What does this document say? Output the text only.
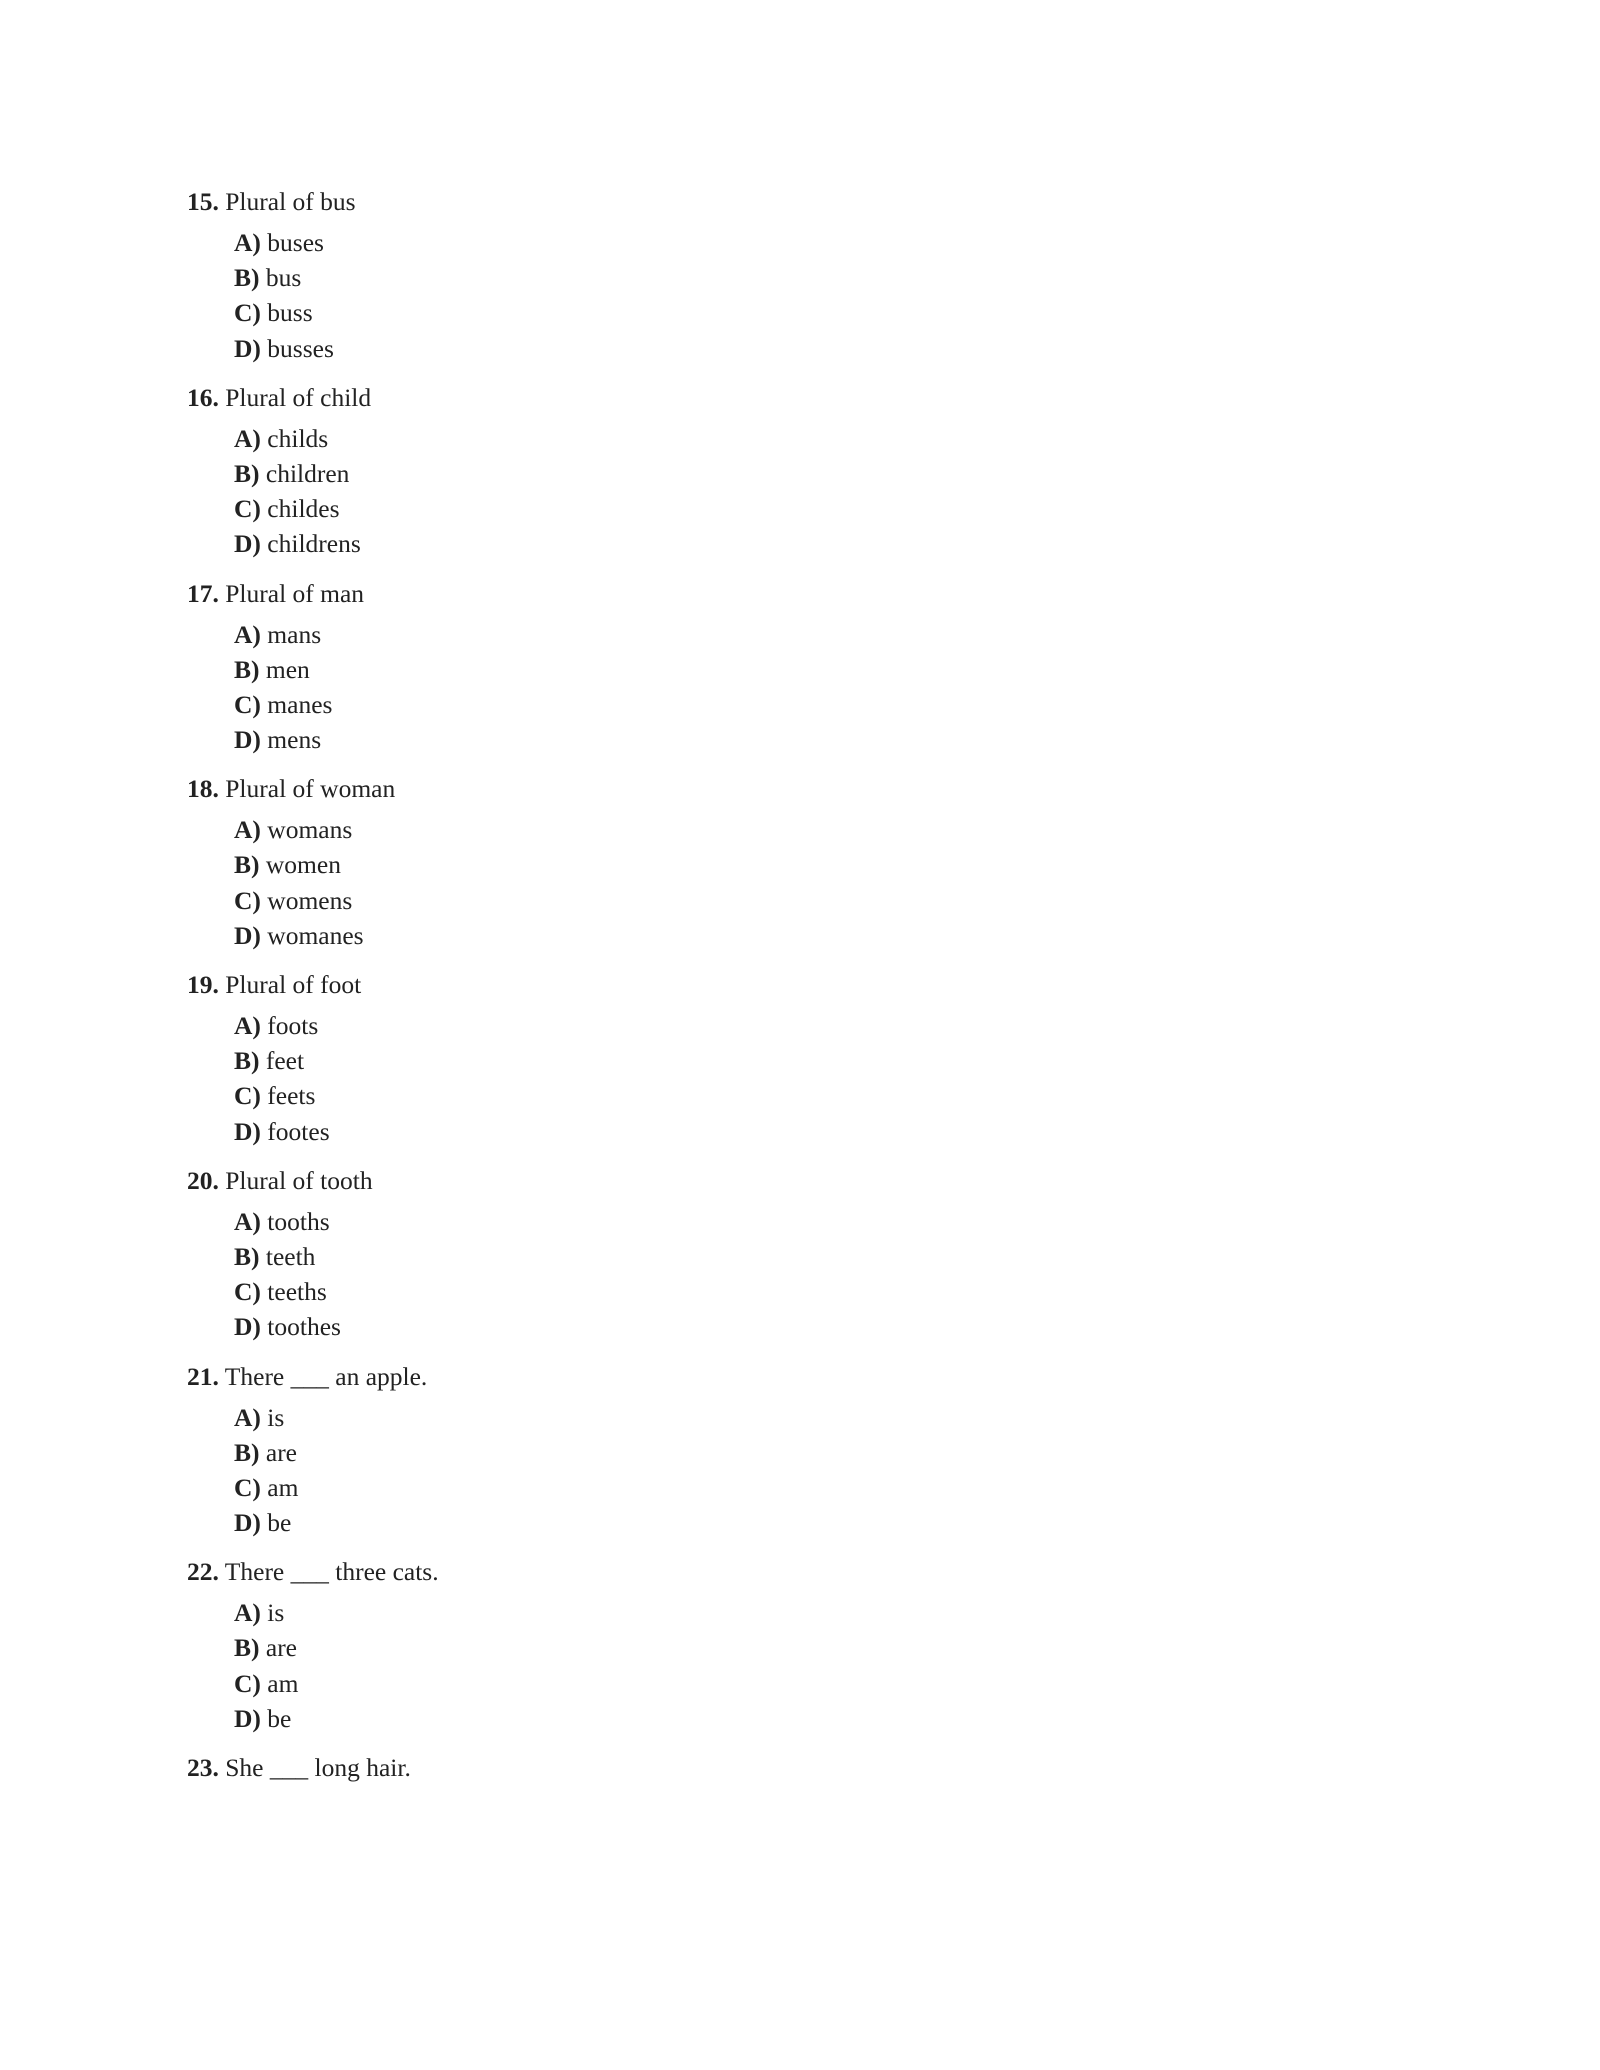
15. Plural of bus
A) buses
B) bus
C) buss
D) busses
16. Plural of child
A) childs
B) children
C) childes
D) childrens
17. Plural of man
A) mans
B) men
C) manes
D) mens
18. Plural of woman
A) womans
B) women
C) womens
D) womanes
19. Plural of foot
A) foots
B) feet
C) feets
D) footes
20. Plural of tooth
A) tooths
B) teeth
C) teeths
D) toothes
21. There ___ an apple.
A) is
B) are
C) am
D) be
22. There ___ three cats.
A) is
B) are
C) am
D) be
23. She ___ long hair.
